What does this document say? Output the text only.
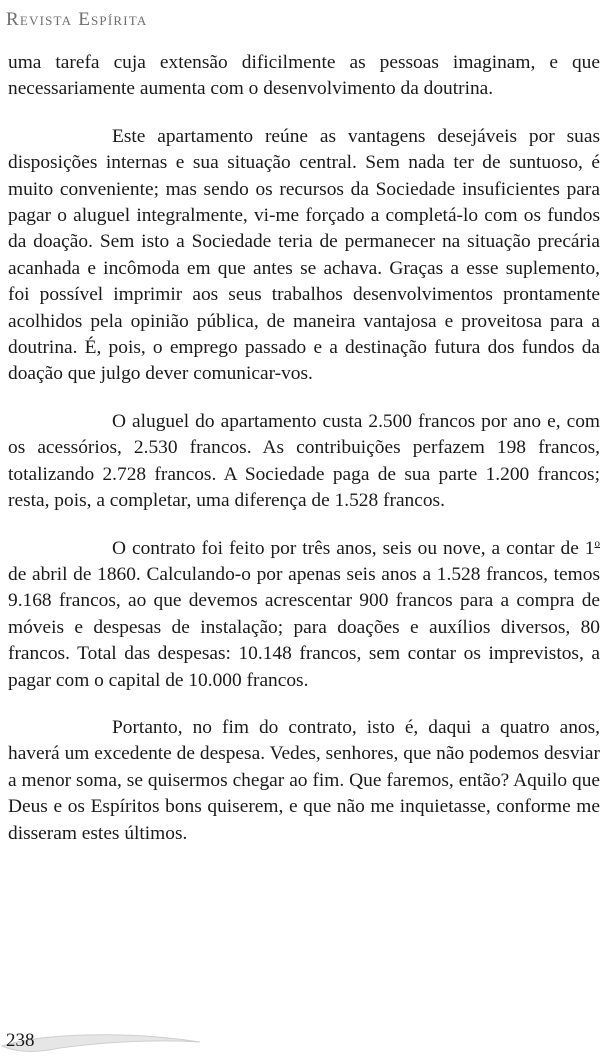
Revista Espírita

uma tarefa cuja extensão dificilmente as pessoas imaginam, e que necessariamente aumenta com o desenvolvimento da doutrina.

Este apartamento reúne as vantagens desejáveis por suas disposições internas e sua situação central. Sem nada ter de suntuoso, é muito conveniente; mas sendo os recursos da Sociedade insuficientes para pagar o aluguel integralmente, vi-me forçado a completá-lo com os fundos da doação. Sem isto a Sociedade teria de permanecer na situação precária acanhada e incômoda em que antes se achava. Graças a esse suplemento, foi possível imprimir aos seus trabalhos desenvolvimentos prontamente acolhidos pela opinião pública, de maneira vantajosa e proveitosa para a doutrina. É, pois, o emprego passado e a destinação futura dos fundos da doação que julgo dever comunicar-vos.

O aluguel do apartamento custa 2.500 francos por ano e, com os acessórios, 2.530 francos. As contribuições perfazem 198 francos, totalizando 2.728 francos. A Sociedade paga de sua parte 1.200 francos; resta, pois, a completar, uma diferença de 1.528 francos.

O contrato foi feito por três anos, seis ou nove, a contar de 1$^o$ de abril de 1860. Calculando-o por apenas seis anos a 1.528 francos, temos 9.168 francos, ao que devemos acrescentar 900 francos para a compra de móveis e despesas de instalação; para doações e auxílios diversos, 80 francos. Total das despesas: 10.148 francos, sem contar os imprevistos, a pagar com o capital de 10.000 francos.

Portanto, no fim do contrato, isto é, daqui a quatro anos, haverá um excedente de despesa. Vedes, senhores, que não podemos desviar a menor soma, se quisermos chegar ao fim. Que faremos, então? Aquilo que Deus e os Espíritos bons quiserem, e que não me inquietasse, conforme me disseram estes últimos.

238
